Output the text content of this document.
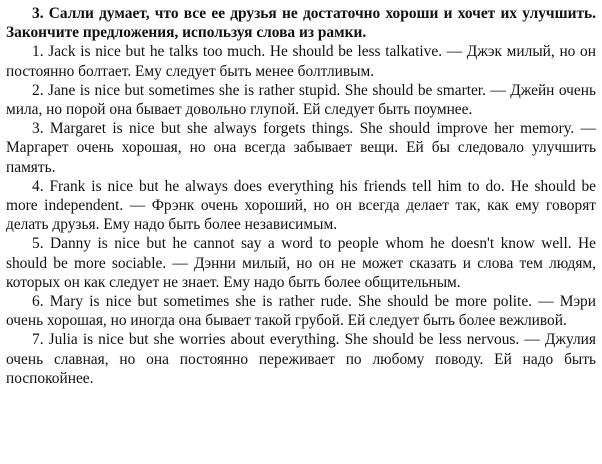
3. Салли думает, что все ее друзья не достаточно хороши и хочет их улучшить. Закончите предложения, используя слова из рамки.

1. Jack is nice but he talks too much. He should be less talkative. — Джэк милый, но он постоянно болтает. Ему следует быть менее болтливым.

2. Jane is nice but sometimes she is rather stupid. She should be smarter. — Джейн очень мила, но порой она бывает довольно глупой. Ей следует быть поумнее.

3. Margaret is nice but she always forgets things. She should improve her memory. — Маргарет очень хорошая, но она всегда забывает вещи. Ей бы следовало улучшить память.

4. Frank is nice but he always does everything his friends tell him to do. He should be more independent. — Фрэнк очень хороший, но он всегда делает так, как ему говорят делать друзья. Ему надо быть более независимым.

5. Danny is nice but he cannot say a word to people whom he doesn't know well. He should be more sociable. — Дэнни милый, но он не может сказать и слова тем людям, которых он как следует не знает. Ему надо быть более общительным.

6. Mary is nice but sometimes she is rather rude. She should be more polite. — Мэри очень хорошая, но иногда она бывает такой грубой. Ей следует быть более вежливой.

7. Julia is nice but she worries about everything. She should be less nervous. — Джулия очень славная, но она постоянно переживает по любому поводу. Ей надо быть поспокойнее.
